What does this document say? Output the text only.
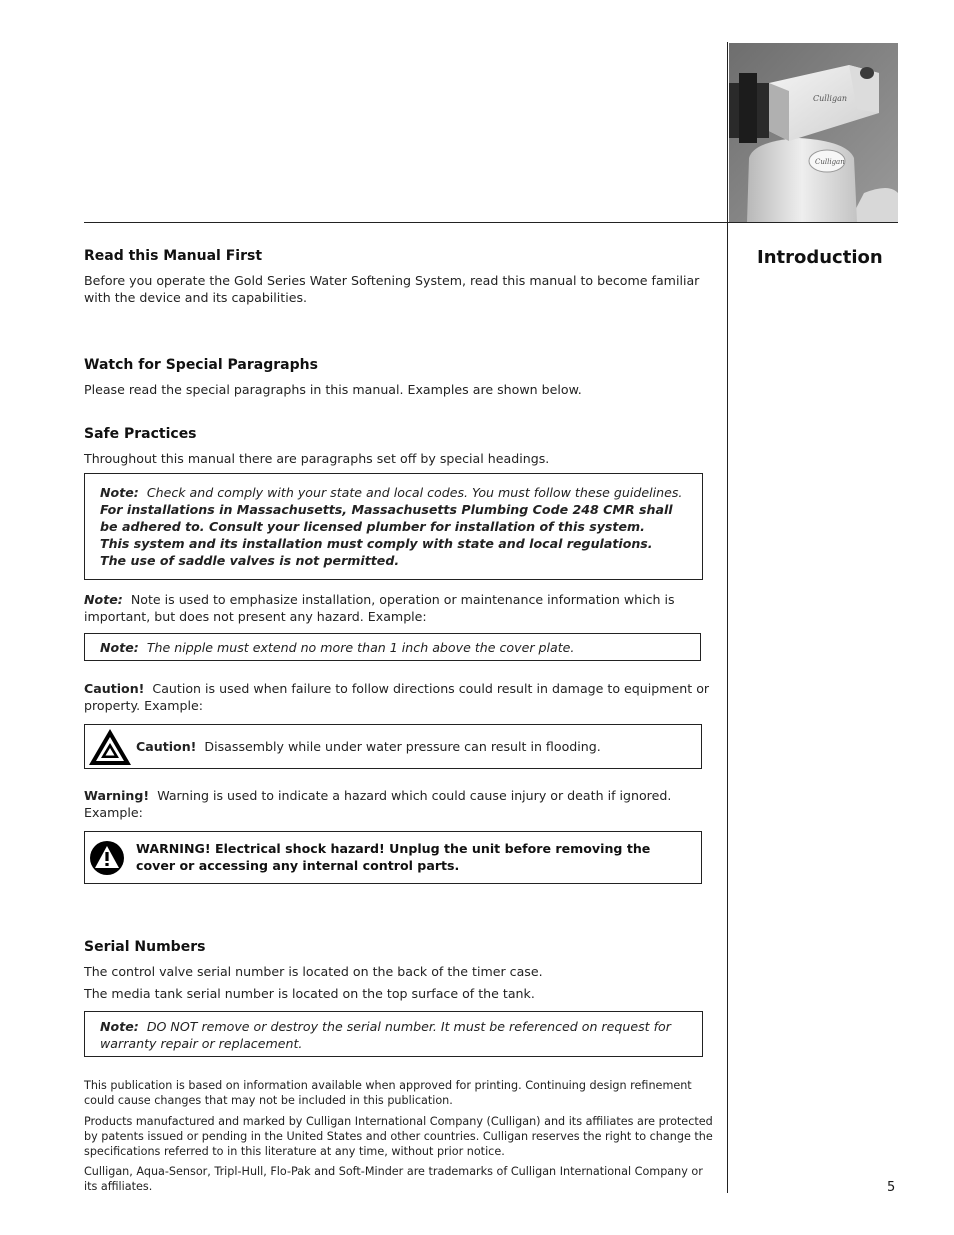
Culligan
Culligan
Introduction
Read this Manual First
Before you operate the Gold Series Water Softening System, read this manual to become familiar
with the device and its capabilities.
Watch for Special Paragraphs
Please read the special paragraphs in this manual. Examples are shown below.
Safe Practices
Throughout this manual there are paragraphs set off by special headings.
Note: Check and comply with your state and local codes. You must follow these guidelines.
For installations in Massachusetts, Massachusetts Plumbing Code 248 CMR shall
be adhered to. Consult your licensed plumber for installation of this system.
This system and its installation must comply with state and local regulations.
The use of saddle valves is not permitted.
Note: Note is used to emphasize installation, operation or maintenance information which is
important, but does not present any hazard. Example:
Note: The nipple must extend no more than 1 inch above the cover plate.
Caution! Caution is used when failure to follow directions could result in damage to equipment or
property. Example:
Caution! Disassembly while under water pressure can result in flooding.
Warning! Warning is used to indicate a hazard which could cause injury or death if ignored.
Example:
WARNING! Electrical shock hazard! Unplug the unit before removing the
cover or accessing any internal control parts.
Serial Numbers
The control valve serial number is located on the back of the timer case.
The media tank serial number is located on the top surface of the tank.
Note: DO NOT remove or destroy the serial number. It must be referenced on request for
warranty repair or replacement.
This publication is based on information available when approved for printing. Continuing design refinement
could cause changes that may not be included in this publication.
Products manufactured and marked by Culligan International Company (Culligan) and its affiliates are protected
by patents issued or pending in the United States and other countries. Culligan reserves the right to change the
specifications referred to in this literature at any time, without prior notice.
Culligan, Aqua-Sensor, Tripl-Hull, Flo-Pak and Soft-Minder are trademarks of Culligan International Company or
its affiliates.	5
